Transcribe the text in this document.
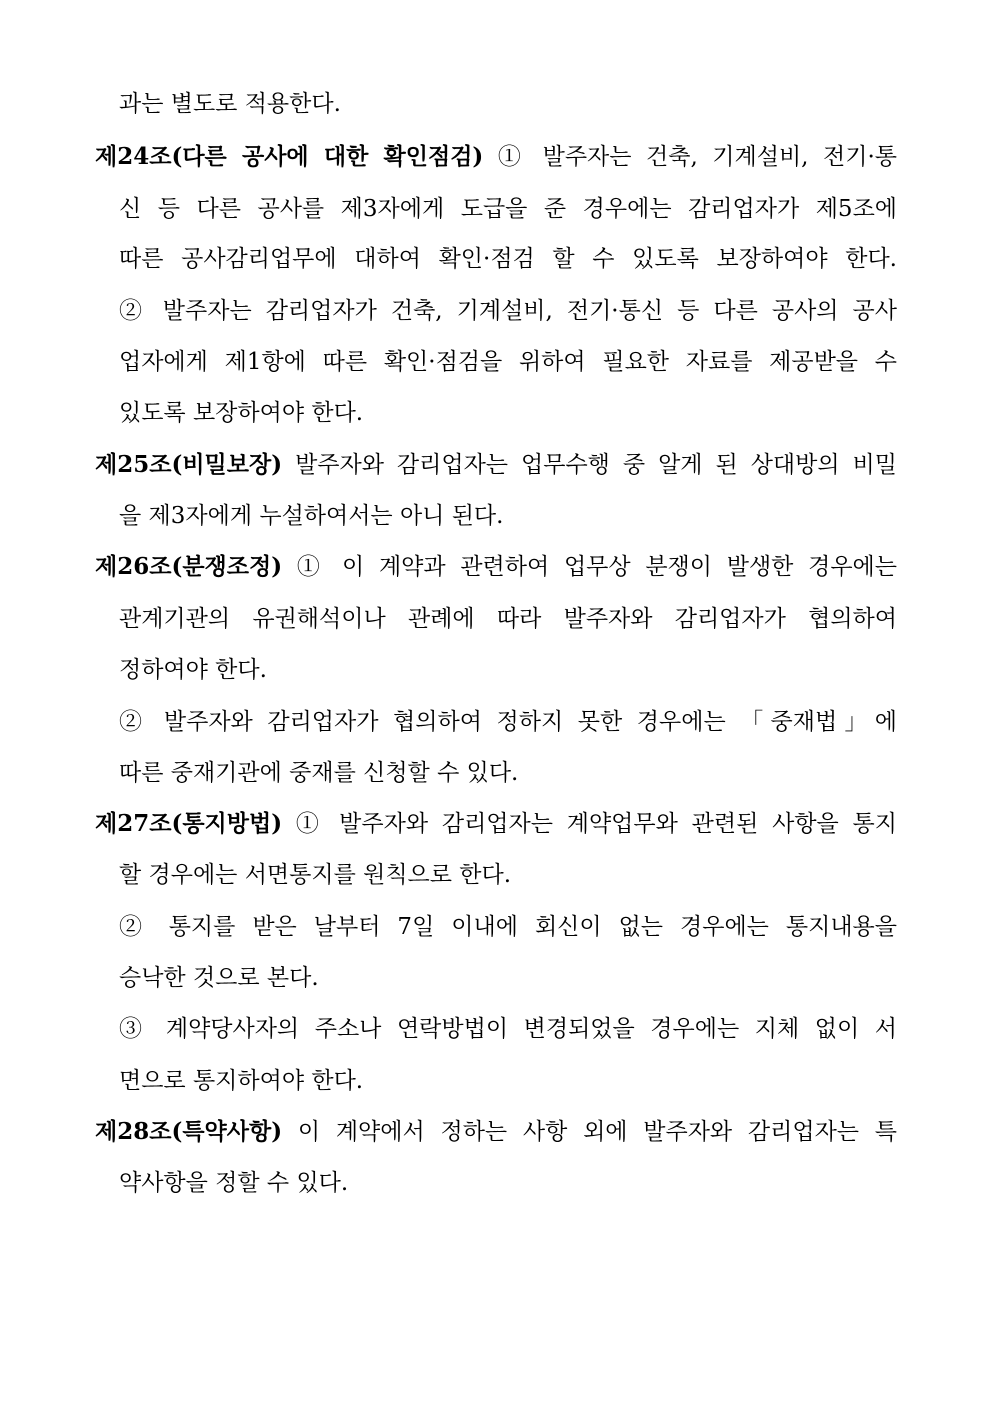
과는 별도로 적용한다.
제24조(다른 공사에 대한 확인점검) ① 발주자는 건축, 기계설비, 전기·통
신 등 다른 공사를 제3자에게 도급을 준 경우에는 감리업자가 제5조에
따른 공사감리업무에 대하여 확인·점검 할 수 있도록 보장하여야 한다.
② 발주자는 감리업자가 건축, 기계설비, 전기·통신 등 다른 공사의 공사
업자에게 제1항에 따른 확인·점검을 위하여 필요한 자료를 제공받을 수
있도록 보장하여야 한다.
제25조(비밀보장) 발주자와 감리업자는 업무수행 중 알게 된 상대방의 비밀
을 제3자에게 누설하여서는 아니 된다.
제26조(분쟁조정) ① 이 계약과 관련하여 업무상 분쟁이 발생한 경우에는
관계기관의 유권해석이나 관례에 따라 발주자와 감리업자가 협의하여
정하여야 한다.
② 발주자와 감리업자가 협의하여 정하지 못한 경우에는 「중재법」에
따른 중재기관에 중재를 신청할 수 있다.
제27조(통지방법) ① 발주자와 감리업자는 계약업무와 관련된 사항을 통지
할 경우에는 서면통지를 원칙으로 한다.
② 통지를 받은 날부터 7일 이내에 회신이 없는 경우에는 통지내용을
승낙한 것으로 본다.
③ 계약당사자의 주소나 연락방법이 변경되었을 경우에는 지체 없이 서
면으로 통지하여야 한다.
제28조(특약사항) 이 계약에서 정하는 사항 외에 발주자와 감리업자는 특
약사항을 정할 수 있다.
